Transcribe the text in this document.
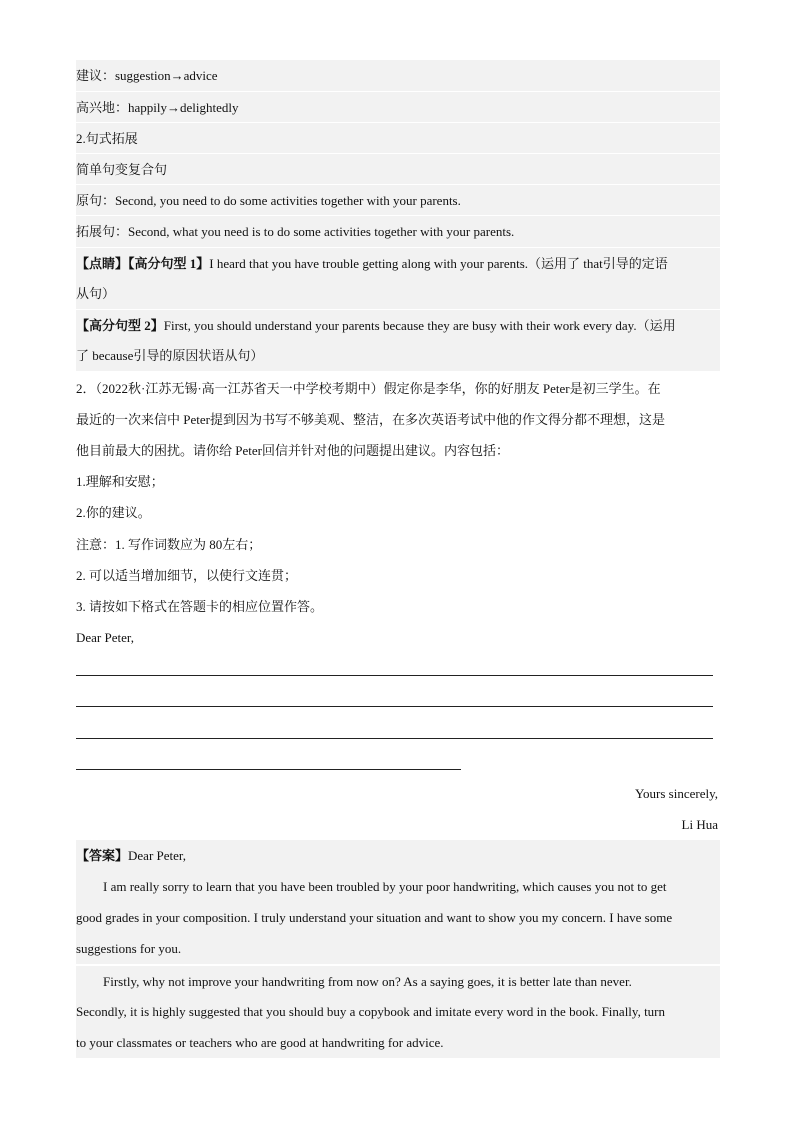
建议：suggestion→advice
高兴地：happily→delightedly
2.句式拓展
简单句变复合句
原句：Second, you need to do some activities together with your parents.
拓展句：Second, what you need is to do some activities together with your parents.
【点睛】【高分句型 1】I heard that you have trouble getting along with your parents.（运用了 that引导的定语
从句）
【高分句型 2】First, you should understand your parents because they are busy with their work every day.（运用
了 because引导的原因状语从句）
2．（2022秋·江苏无锡·高一江苏省天一中学校考期中）假定你是李华，你的好朋友 Peter是初三学生。在
最近的一次来信中 Peter提到因为书写不够美观、整洁，在多次英语考试中他的作文得分都不理想，这是
他目前最大的困扰。请你给 Peter回信并针对他的问题提出建议。内容包括：
1.理解和安慰；
2.你的建议。
注意：1. 写作词数应为 80左右；
2. 可以适当增加细节，以使行文连贯；
3. 请按如下格式在答题卡的相应位置作答。
Dear Peter,
Yours sincerely,
Li Hua
【答案】Dear Peter,
I am really sorry to learn that you have been troubled by your poor handwriting, which causes you not to get
good grades in your composition. I truly understand your situation and want to show you my concern. I have some
suggestions for you.
Firstly, why not improve your handwriting from now on? As a saying goes, it is better late than never.
Secondly, it is highly suggested that you should buy a copybook and imitate every word in the book. Finally, turn
to your classmates or teachers who are good at handwriting for advice.
